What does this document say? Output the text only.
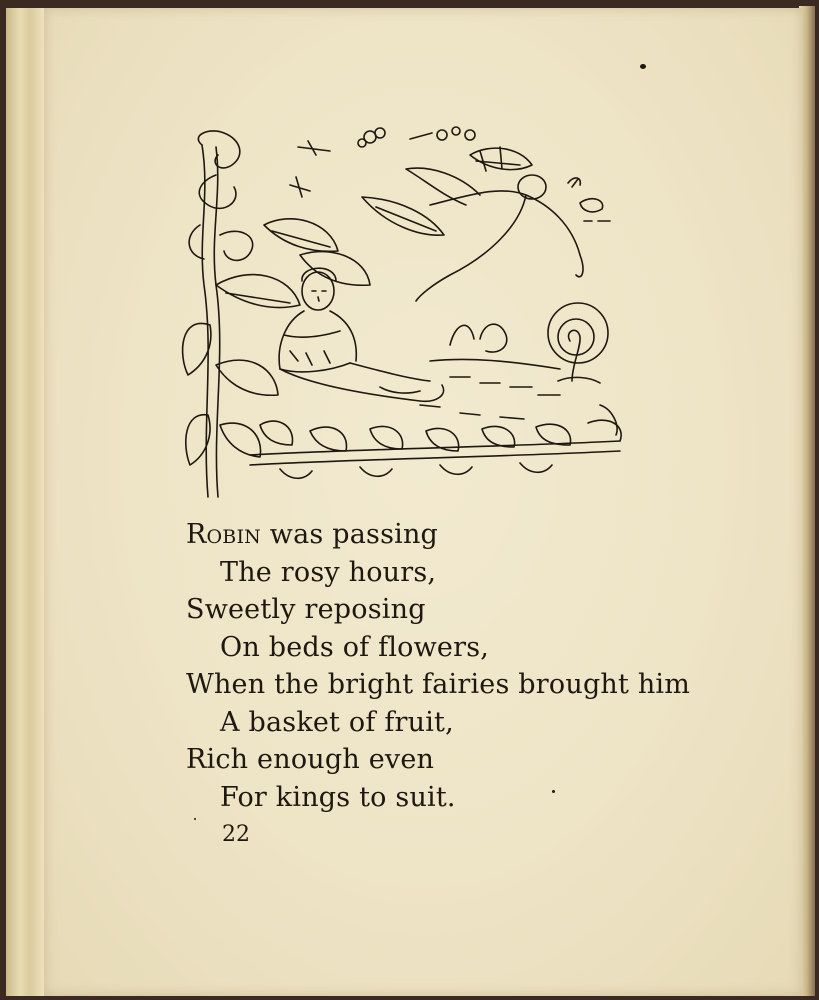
Robin was passing
The rosy hours,
Sweetly reposing
On beds of flowers,
When the bright fairies brought him
A basket of fruit,
Rich enough even
For kings to suit.
22
